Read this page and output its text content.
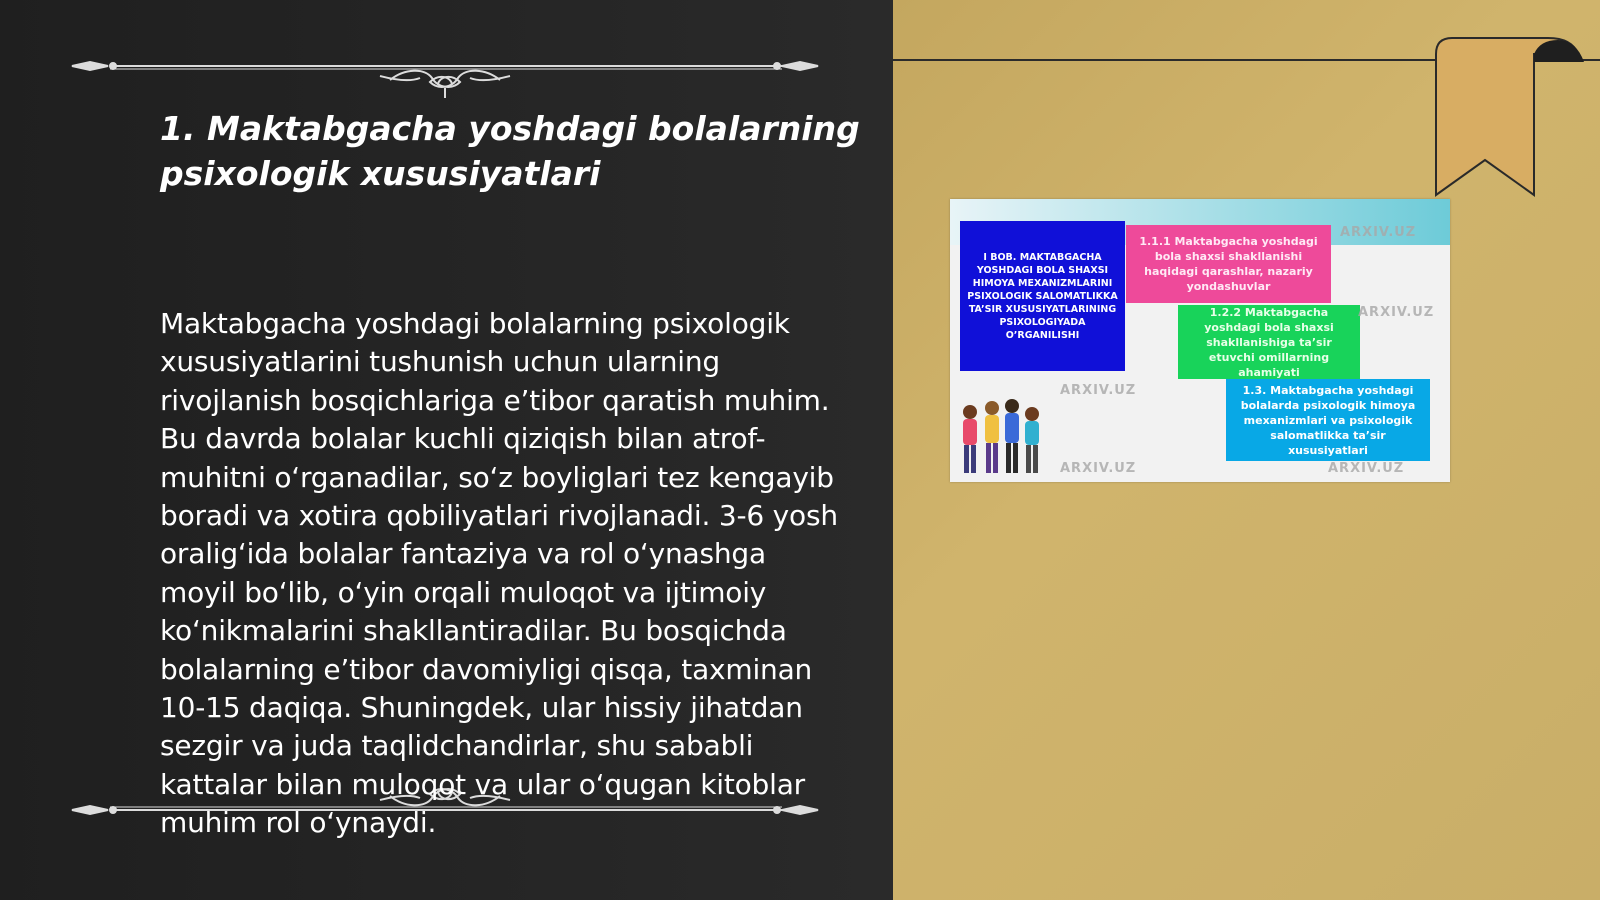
1. Maktabgacha yoshdagi bolalarning psixologik xususiyatlari

Maktabgacha yoshdagi bolalarning psixologik xususiyatlarini tushunish uchun ularning rivojlanish bosqichlariga e’tibor qaratish muhim. Bu davrda bolalar kuchli qiziqish bilan atrof-muhitni o‘rganadilar, so‘z boyliglari tez kengayib boradi va xotira qobiliyatlari rivojlanadi. 3-6 yosh oralig‘ida bolalar fantaziya va rol o‘ynashga moyil bo‘lib, o‘yin orqali muloqot va ijtimoiy ko‘nikmalarini shakllantiradilar. Bu bosqichda bolalarning e’tibor davomiyligi qisqa, taxminan 10-15 daqiqa. Shuningdek, ular hissiy jihatdan sezgir va juda taqlidchandirlar, shu sababli kattalar bilan muloqot va ular o‘qugan kitoblar muhim rol o‘ynaydi.

I BOB. MAKTABGACHA YOSHDAGI BOLA SHAXSI HIMOYA MEXANIZMLARINI PSIXOLOGIK SALOMATLIKKA TA’SIR XUSUSIYATLARINING PSIXOLOGIYADA O’RGANILISHI
1.1.1 Maktabgacha yoshdagi bola shaxsi shakllanishi haqidagi qarashlar, nazariy yondashuvlar
1.2.2 Maktabgacha yoshdagi bola shaxsi shakllanishiga ta’sir etuvchi omillarning ahamiyati
1.3. Maktabgacha yoshdagi bolalarda psixologik himoya mexanizmlari va psixologik salomatlikka ta’sir xususiyatlari
ARXIV.UZ
ARXIV.UZ
ARXIV.UZ
ARXIV.UZ	ARXIV.UZ
